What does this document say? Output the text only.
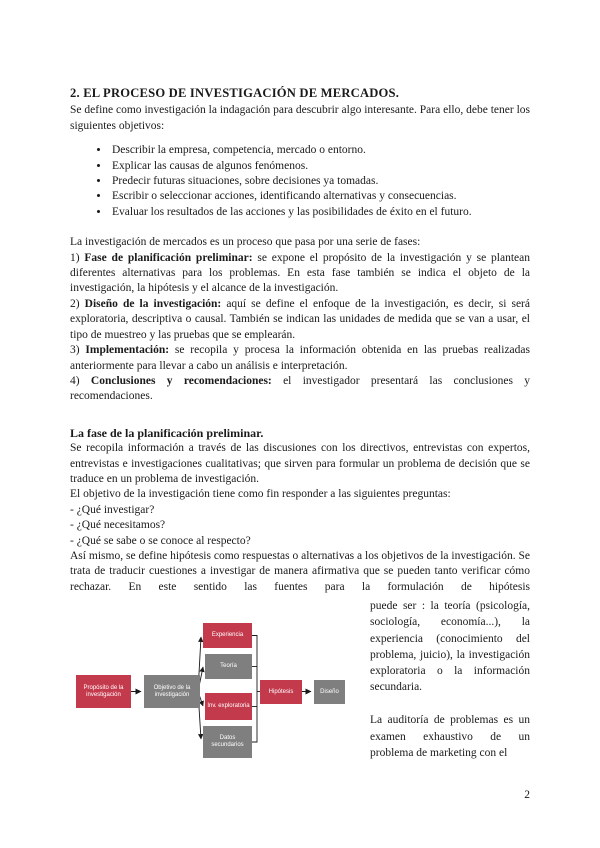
2. EL PROCESO DE INVESTIGACIÓN DE MERCADOS.

Se define como investigación la indagación para descubrir algo interesante. Para ello, debe tener los siguientes objetivos:

• Describir la empresa, competencia, mercado o entorno.
• Explicar las causas de algunos fenómenos.
• Predecir futuras situaciones, sobre decisiones ya tomadas.
• Escribir o seleccionar acciones, identificando alternativas y consecuencias.
• Evaluar los resultados de las acciones y las posibilidades de éxito en el futuro.

La investigación de mercados es un proceso que pasa por una serie de fases:

1) Fase de planificación preliminar: se expone el propósito de la investigación y se plantean diferentes alternativas para los problemas. En esta fase también se indica el objeto de la investigación, la hipótesis y el alcance de la investigación.

2) Diseño de la investigación: aquí se define el enfoque de la investigación, es decir, si será exploratoria, descriptiva o causal. También se indican las unidades de medida que se van a usar, el tipo de muestreo y las pruebas que se emplearán.

3) Implementación: se recopila y procesa la información obtenida en las pruebas realizadas anteriormente para llevar a cabo un análisis e interpretación.

4) Conclusiones y recomendaciones: el investigador presentará las conclusiones y recomendaciones.

La fase de la planificación preliminar.

Se recopila información a través de las discusiones con los directivos, entrevistas con expertos, entrevistas e investigaciones cualitativas; que sirven para formular un problema de decisión que se traduce en un problema de investigación.

El objetivo de la investigación tiene como fin responder a las siguientes preguntas:

- ¿Qué investigar?
- ¿Qué necesitamos?
- ¿Qué se sabe o se conoce al respecto?

Así mismo, se define hipótesis como respuestas o alternativas a los objetivos de la investigación. Se trata de traducir cuestiones a investigar de manera afirmativa que se pueden tanto verificar cómo rechazar. En este sentido las fuentes para la formulación de hipótesis

Propósito de la investigación
Objetivo de la investigación
Experiencia
Teoría
Inv. exploratoria
Datos secundarios
Hipótesis	Diseño

puede ser : la teoría (psicología, sociología, economía...), la experiencia (conocimiento del problema, juicio), la investigación exploratoria o la información secundaria.

La auditoría de problemas es un examen exhaustivo de un problema de marketing con el

2
